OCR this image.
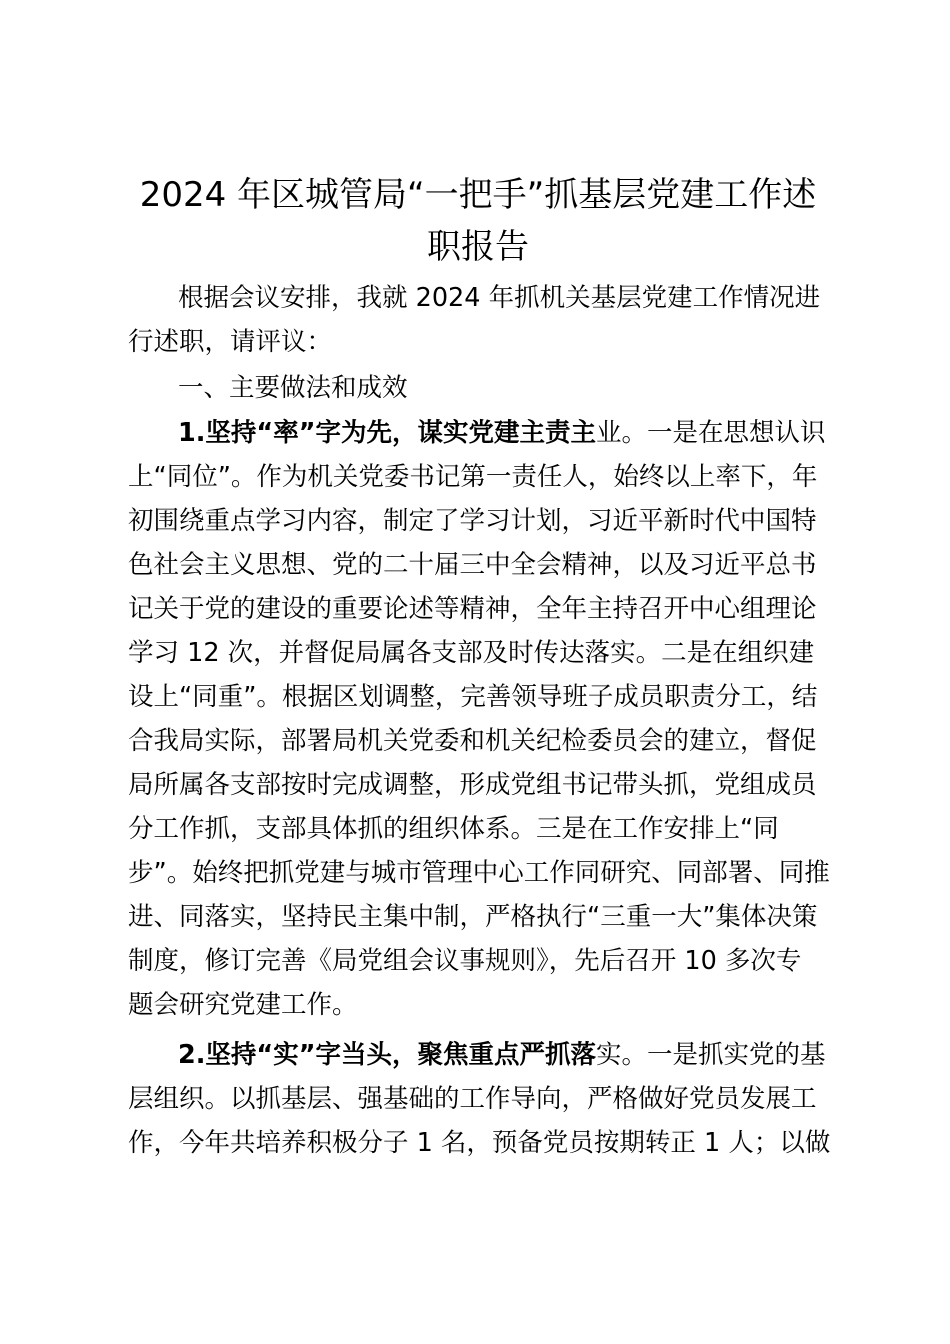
2024 年区城管局“一把手”抓基层党建工作述
职报告

根据会议安排，我就 2024 年抓机关基层党建工作情况进

行述职，请评议：

一、主要做法和成效

1.坚持“率”字为先，谋实党建主责主业。一是在思想认识

上“同位”。作为机关党委书记第一责任人，始终以上率下，年

初围绕重点学习内容，制定了学习计划，习近平新时代中国特

色社会主义思想、党的二十届三中全会精神，以及习近平总书

记关于党的建设的重要论述等精神，全年主持召开中心组理论

学习 12 次，并督促局属各支部及时传达落实。二是在组织建

设上“同重”。根据区划调整，完善领导班子成员职责分工，结

合我局实际，部署局机关党委和机关纪检委员会的建立，督促

局所属各支部按时完成调整，形成党组书记带头抓，党组成员

分工作抓，支部具体抓的组织体系。三是在工作安排上“同

步”。始终把抓党建与城市管理中心工作同研究、同部署、同推

进、同落实，坚持民主集中制，严格执行“三重一大”集体决策

制度，修订完善《局党组会议事规则》，先后召开 10 多次专

题会研究党建工作。

2.坚持“实”字当头，聚焦重点严抓落实。一是抓实党的基

层组织。以抓基层、强基础的工作导向，严格做好党员发展工

作，今年共培养积极分子 1 名，预备党员按期转正 1 人；以做
